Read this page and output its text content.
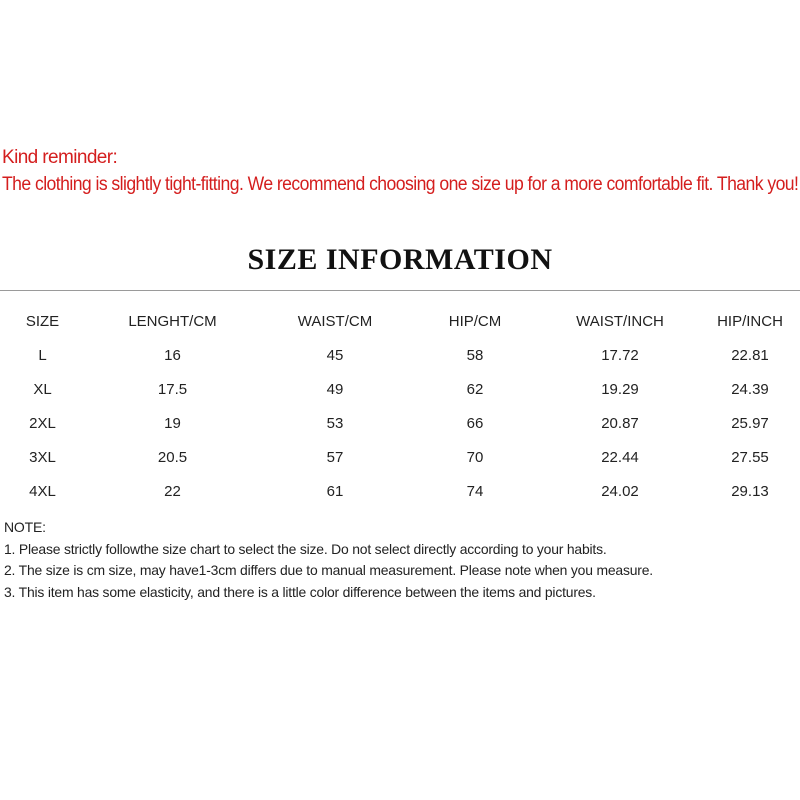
Kind reminder:
The clothing is slightly tight-fitting. We recommend choosing one size up for a more comfortable fit. Thank you!
SIZE INFORMATION
SIZE	LENGHT/CM	WAIST/CM	HIP/CM	WAIST/INCH	HIP/INCH
L	16	45	58	17.72	22.81
XL	17.5	49	62	19.29	24.39
2XL	19	53	66	20.87	25.97
3XL	20.5	57	70	22.44	27.55
4XL	22	61	74	24.02	29.13
NOTE:
1. Please strictly followthe size chart to select the size. Do not select directly according to your habits.
2. The size is cm size, may have1-3cm differs due to manual measurement. Please note when you measure.
3. This item has some elasticity, and there is a little color difference between the items and pictures.
